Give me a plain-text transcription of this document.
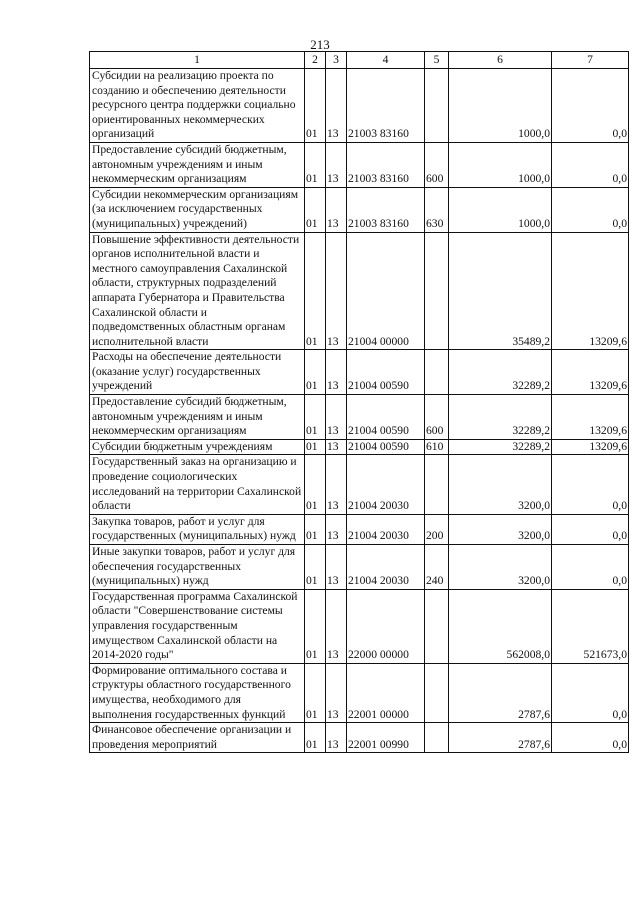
213
1	2	3	4	5	6	7
Субсидии на реализацию проекта по созданию и обеспечению деятельности ресурсного центра поддержки социально ориентированных некоммерческих организаций	01	13	21003 83160		1000,0	0,0
Предоставление субсидий бюджетным, автономным учреждениям и иным некоммерческим организациям	01	13	21003 83160	600	1000,0	0,0
Субсидии некоммерческим организациям (за исключением государственных (муниципальных) учреждений)	01	13	21003 83160	630	1000,0	0,0
Повышение эффективности деятельности органов исполнительной власти и местного самоуправления Сахалинской области, структурных подразделений аппарата Губернатора и Правительства Сахалинской области и подведомственных областным органам исполнительной власти	01	13	21004 00000		35489,2	13209,6
Расходы на обеспечение деятельности (оказание услуг) государственных учреждений	01	13	21004 00590		32289,2	13209,6
Предоставление субсидий бюджетным, автономным учреждениям и иным некоммерческим организациям	01	13	21004 00590	600	32289,2	13209,6
Субсидии бюджетным учреждениям	01	13	21004 00590	610	32289,2	13209,6
Государственный заказ на организацию и проведение социологических исследований на территории Сахалинской области	01	13	21004 20030		3200,0	0,0
Закупка товаров, работ и услуг для государственных (муниципальных) нужд	01	13	21004 20030	200	3200,0	0,0
Иные закупки товаров, работ и услуг для обеспечения государственных (муниципальных) нужд	01	13	21004 20030	240	3200,0	0,0
Государственная программа Сахалинской области "Совершенствование системы управления государственным имуществом Сахалинской области на 2014-2020 годы"	01	13	22000 00000		562008,0	521673,0
Формирование оптимального состава и структуры областного государственного имущества, необходимого для выполнения государственных функций	01	13	22001 00000		2787,6	0,0
Финансовое обеспечение организации и проведения мероприятий	01	13	22001 00990		2787,6	0,0
